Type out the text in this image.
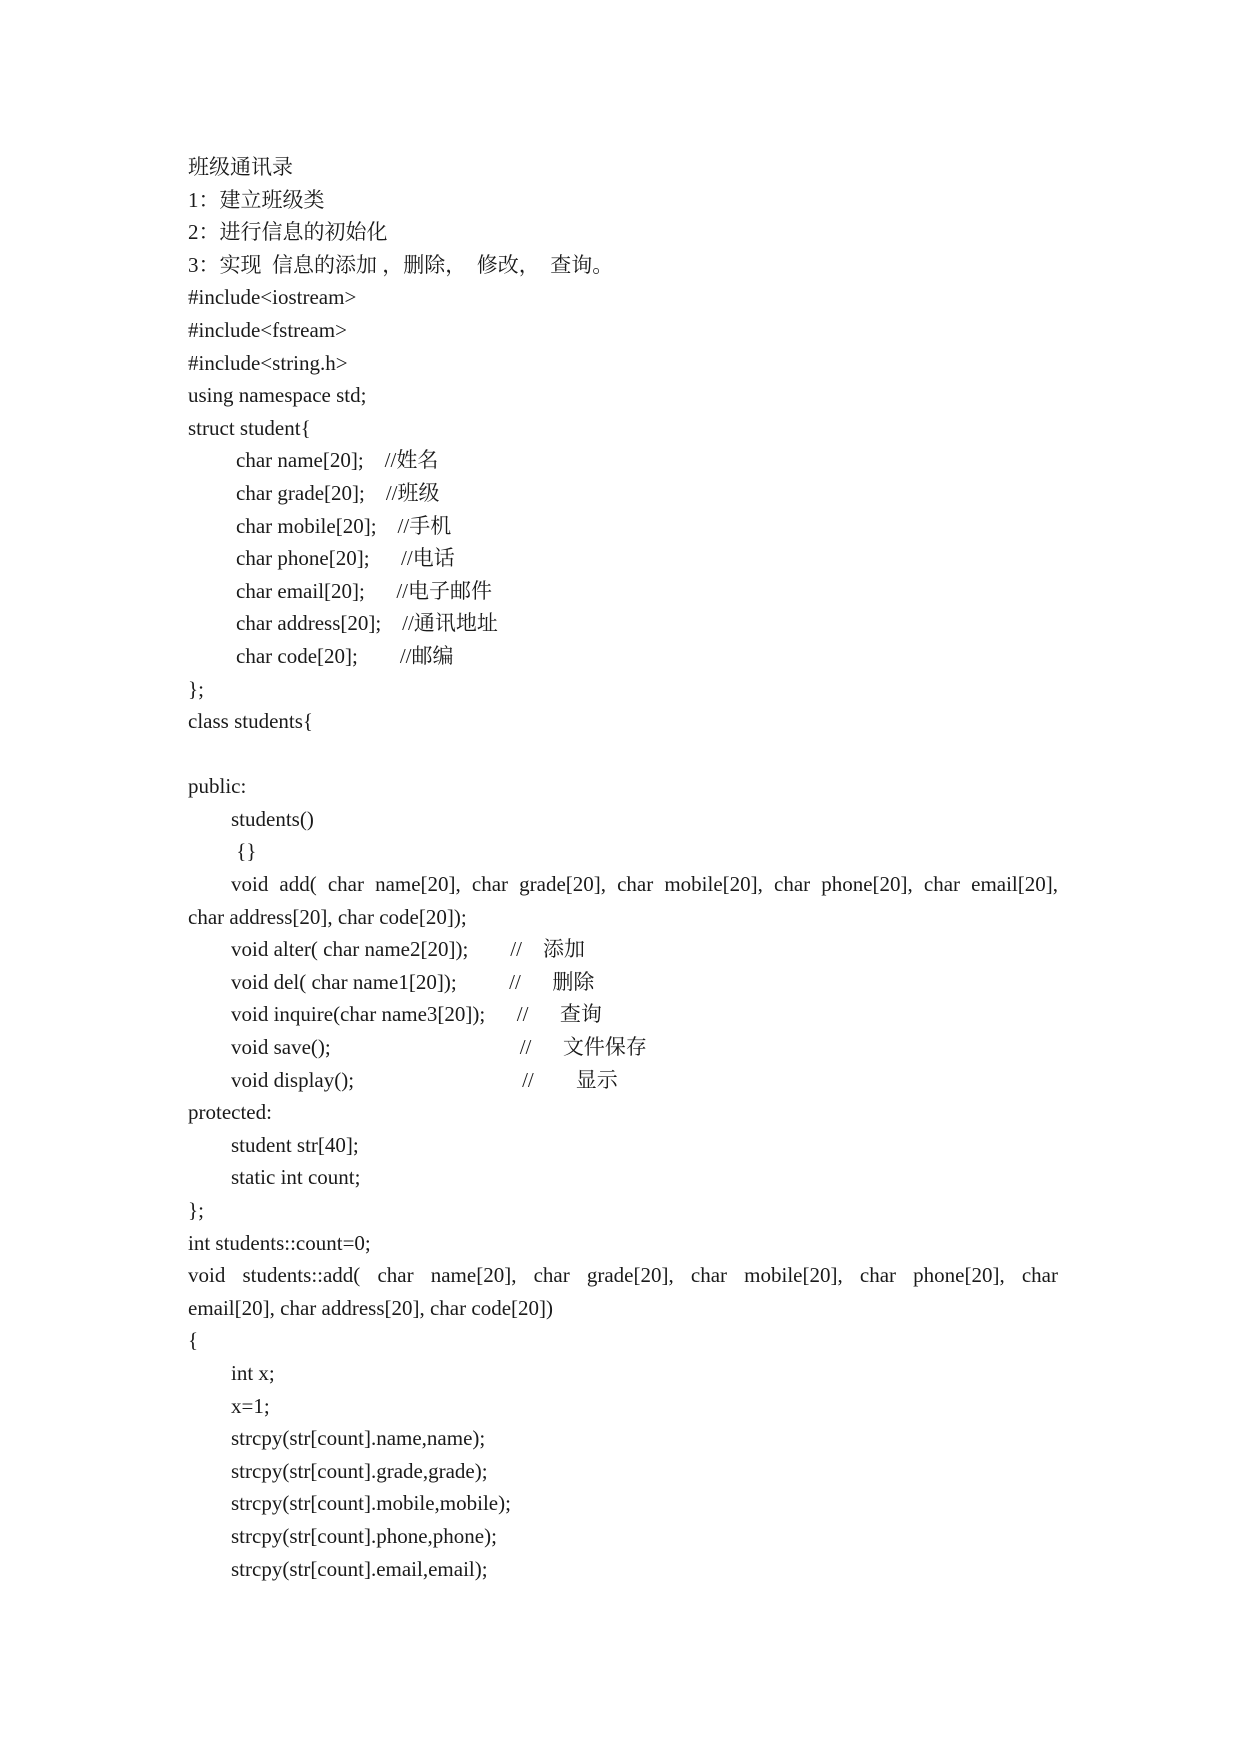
班级通讯录
1：建立班级类
2：进行信息的初始化
3：实现  信息的添加 ，删除，  修改，  查询。
#include<iostream>
#include<fstream>
#include<string.h>
using namespace std;
struct student{
char name[20];    //姓名
char grade[20];    //班级
char mobile[20];    //手机
char phone[20];      //电话
char email[20];      //电子邮件
char address[20];    //通讯地址
char code[20];        //邮编
};
class students{
public:
students()
{}
void add( char name[20], char grade[20], char mobile[20], char phone[20], char email[20],
char address[20], char code[20]);
void alter( char name2[20]);        //    添加
void del( char name1[20]);          //      删除
void inquire(char name3[20]);      //      查询
void save();                                    //      文件保存
void display();                                //        显示
protected:
student str[40];
static int count;
};
int students::count=0;
void students::add( char name[20], char grade[20], char mobile[20], char phone[20], char
email[20], char address[20], char code[20])
{
int x;
x=1;
strcpy(str[count].name,name);
strcpy(str[count].grade,grade);
strcpy(str[count].mobile,mobile);
strcpy(str[count].phone,phone);
strcpy(str[count].email,email);
